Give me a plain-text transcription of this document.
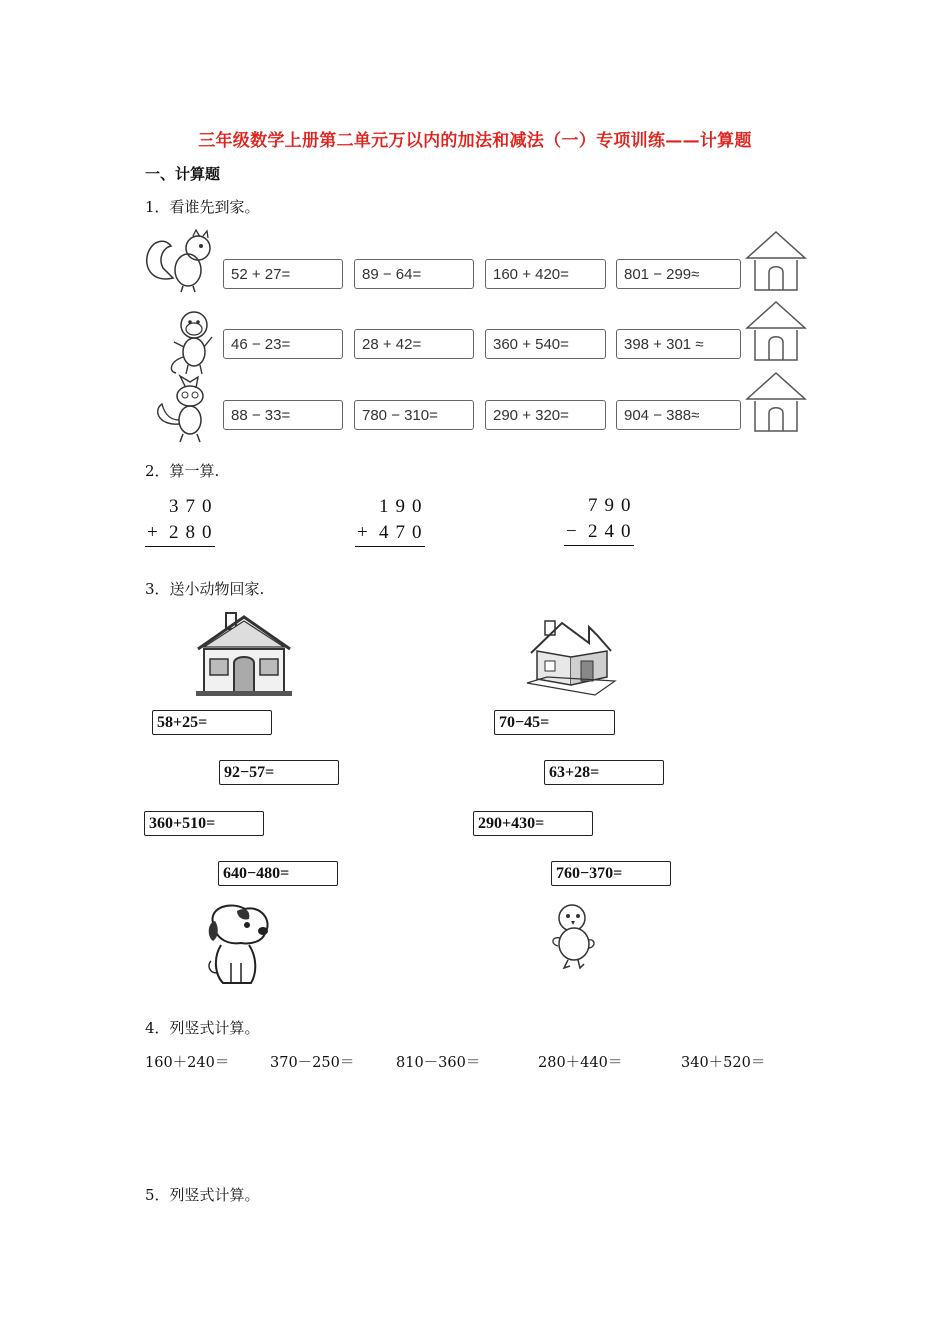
三年级数学上册第二单元万以内的加法和减法（一）专项训练——计算题
一、计算题
1．看谁先到家。
52 + 27=	89 − 64=	160 + 420=	801 − 299≈
46 − 23=	28 + 42=	360 + 540=	398 + 301 ≈
88 − 33=	780 − 310=	290 + 320=	904 − 388≈
2．算一算.
370
+ 280
190
+ 470
790
− 240
3．送小动物回家.
58+25=
92−57=
360+510=
640−480=
70−45=
63+28=
290+430=
760−370=
4．列竖式计算。
160＋240＝	370－250＝	810－360＝	280＋440＝	340＋520＝
5．列竖式计算。
